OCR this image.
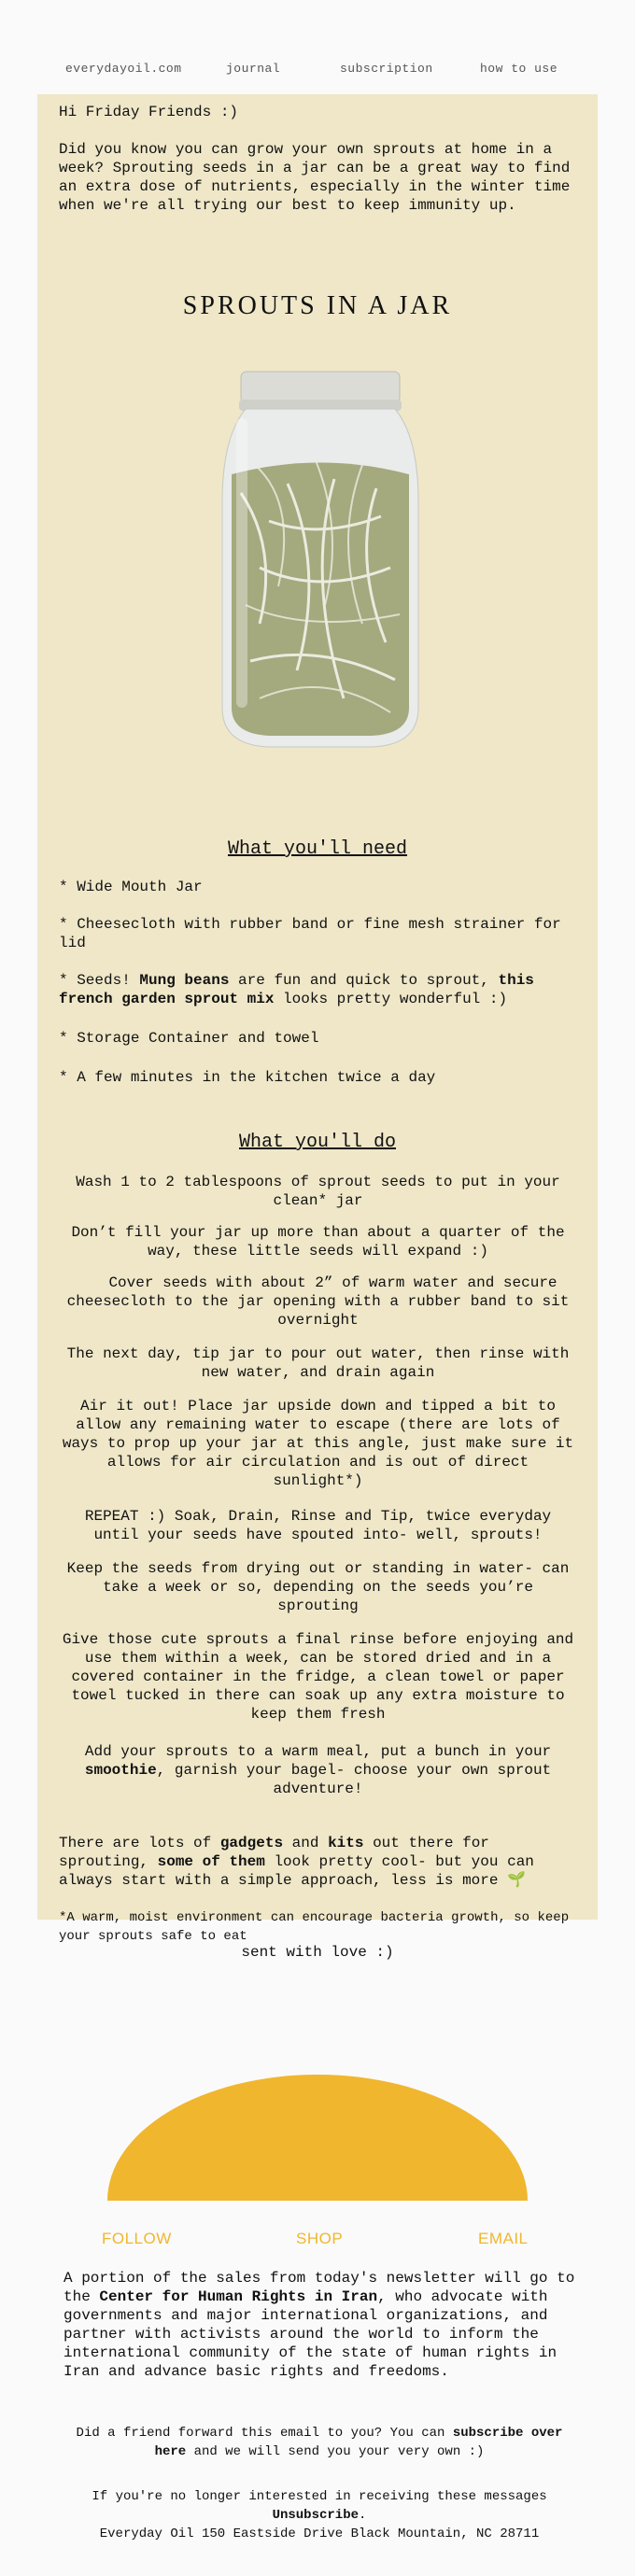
everydayoil.com	journal	subscription	how to use
Hi Friday Friends :)
Did you know you can grow your own sprouts at home in a week? Sprouting seeds in a jar can be a great way to find an extra dose of nutrients, especially in the winter time when we're all trying our best to keep immunity up.
SPROUTS IN A JAR
What you'll need
* Wide Mouth Jar
* Cheesecloth with rubber band or fine mesh strainer for lid
* Seeds! Mung beans are fun and quick to sprout, this french garden sprout mix looks pretty wonderful :)
* Storage Container and towel
* A few minutes in the kitchen twice a day
What you'll do
Wash 1 to 2 tablespoons of sprout seeds to put in your clean* jar
Don’t fill your jar up more than about a quarter of the way, these little seeds will expand :)
Cover seeds with about 2” of warm water and secure cheesecloth to the jar opening with a rubber band to sit overnight
The next day, tip jar to pour out water, then rinse with new water, and drain again
Air it out! Place jar upside down and tipped a bit to allow any remaining water to escape (there are lots of ways to prop up your jar at this angle, just make sure it allows for air circulation and is out of direct sunlight*)
REPEAT :) Soak, Drain, Rinse and Tip, twice everyday until your seeds have spouted into- well, sprouts!
Keep the seeds from drying out or standing in water- can take a week or so, depending on the seeds you’re sprouting
Give those cute sprouts a final rinse before enjoying and use them within a week, can be stored dried and in a covered container in the fridge, a clean towel or paper towel tucked in there can soak up any extra moisture to keep them fresh
Add your sprouts to a warm meal, put a bunch in your smoothie, garnish your bagel- choose your own sprout adventure!
There are lots of gadgets and kits out there for sprouting, some of them look pretty cool- but you can always start with a simple approach, less is more 🌱
*A warm, moist environment can encourage bacteria growth, so keep your sprouts safe to eat
sent with love :)
FOLLOW	SHOP	EMAIL
A portion of the sales from today's newsletter will go to the Center for Human Rights in Iran, who advocate with governments and major international organizations, and partner with activists around the world to inform the international community of the state of human rights in Iran and advance basic rights and freedoms.
Did a friend forward this email to you? You can subscribe over here and we will send you your very own :)
If you're no longer interested in receiving these messages Unsubscribe.
Everyday Oil 150 Eastside Drive Black Mountain, NC 28711
